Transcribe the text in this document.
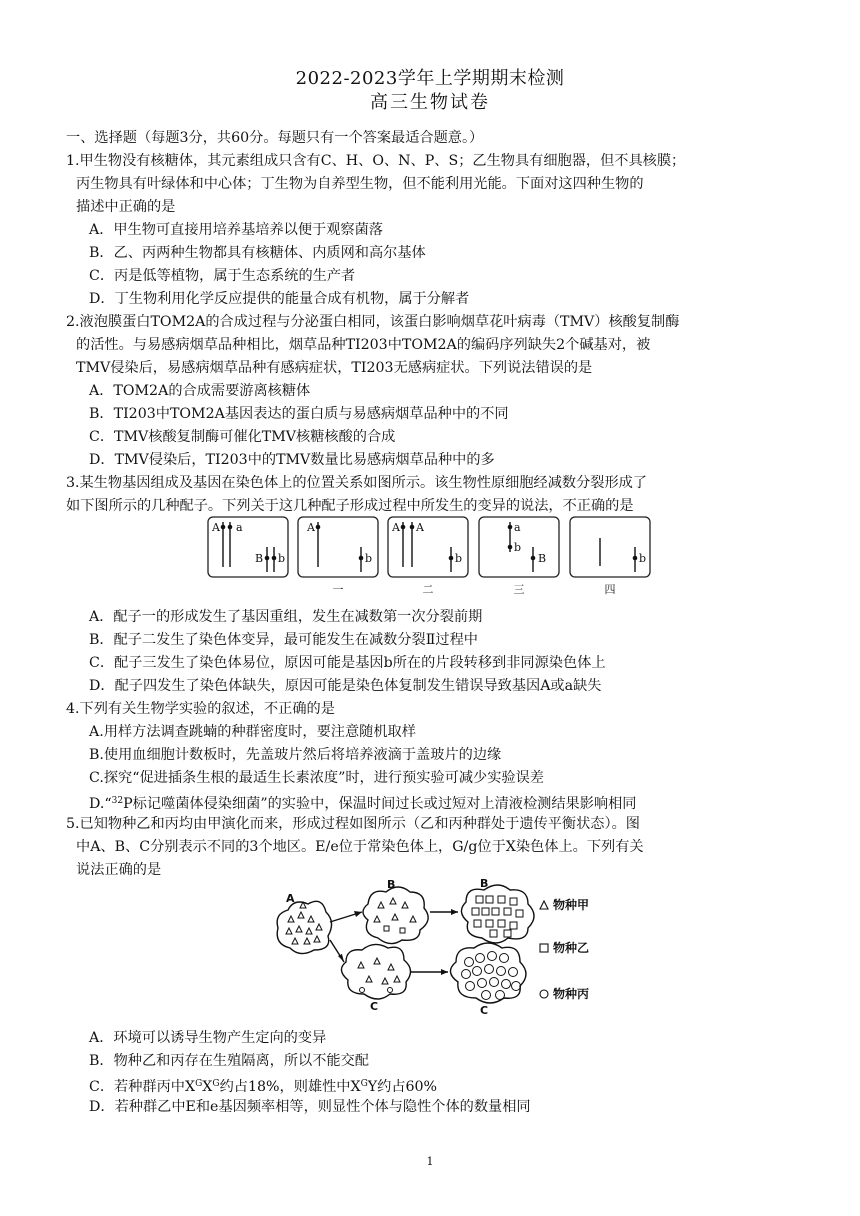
2022-2023学年上学期期末检测
高三生物试卷
一、选择题（每题3分，共60分。每题只有一个答案最适合题意。）
1.甲生物没有核糖体，其元素组成只含有C、H、O、N、P、S；乙生物具有细胞器，但不具核膜；
丙生物具有叶绿体和中心体；丁生物为自养型生物，但不能利用光能。下面对这四种生物的
描述中正确的是
A．甲生物可直接用培养基培养以便于观察菌落
B．乙、丙两种生物都具有核糖体、内质网和高尔基体
C．丙是低等植物，属于生态系统的生产者
D．丁生物利用化学反应提供的能量合成有机物，属于分解者
2.液泡膜蛋白TOM2A的合成过程与分泌蛋白相同，该蛋白影响烟草花叶病毒（TMV）核酸复制酶
的活性。与易感病烟草品种相比，烟草品种TI203中TOM2A的编码序列缺失2个碱基对，被
TMV侵染后，易感病烟草品种有感病症状，TI203无感病症状。下列说法错误的是
A．TOM2A的合成需要游离核糖体
B．TI203中TOM2A基因表达的蛋白质与易感病烟草品种中的不同
C．TMV核酸复制酶可催化TMV核糖核酸的合成
D．TMV侵染后，TI203中的TMV数量比易感病烟草品种中的多
3.某生物基因组成及基因在染色体上的位置关系如图所示。该生物性原细胞经减数分裂形成了
如下图所示的几种配子。下列关于这几种配子形成过程中所发生的变异的说法，不正确的是
A a
B b
A
b
A A
b
a
b
B	b
一	二	三	四
A．配子一的形成发生了基因重组，发生在减数第一次分裂前期
B．配子二发生了染色体变异，最可能发生在减数分裂Ⅱ过程中
C．配子三发生了染色体易位，原因可能是基因b所在的片段转移到非同源染色体上
D．配子四发生了染色体缺失，原因可能是染色体复制发生错误导致基因A或a缺失
4.下列有关生物学实验的叙述，不正确的是
A.用样方法调查跳蝻的种群密度时，要注意随机取样
B.使用血细胞计数板时，先盖玻片然后将培养液滴于盖玻片的边缘
C.探究“促进插条生根的最适生长素浓度”时，进行预实验可减少实验误差
D.“$^{32}$P标记噬菌体侵染细菌”的实验中，保温时间过长或过短对上清液检测结果影响相同
5.已知物种乙和丙均由甲演化而来，形成过程如图所示（乙和丙种群处于遗传平衡状态）。图
中A、B、C分别表示不同的3个地区。E/e位于常染色体上，G/g位于X染色体上。下列有关
说法正确的是
A
B	B
C	C
物种甲
物种乙
物种丙
A．环境可以诱导生物产生定向的变异
B．物种乙和丙存在生殖隔离，所以不能交配
C．若种群丙中$X^GX^G$约占18%，则雄性中$X^GY$约占60%
D．若种群乙中E和e基因频率相等，则显性个体与隐性个体的数量相同
1
